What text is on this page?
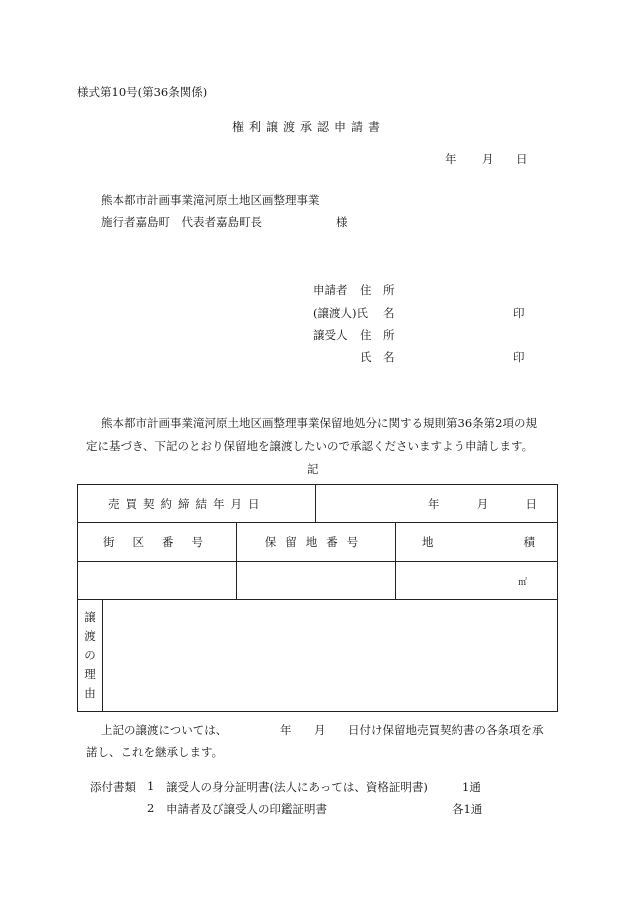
様式第10号(第36条関係)
権利譲渡承認申請書
年 月 日
熊本都市計画事業滝河原土地区画整理事業
施行者嘉島町　代表者嘉島町長	様
申請者 住　所
(譲渡人)氏 名	印
譲受人 住　所
氏　名	印
熊本都市計画事業滝河原土地区画整理事業保留地処分に関する規則第36条第2項の規
定に基づき、下記のとおり保留地を譲渡したいので承認くださいますよう申請します。
記
売買契約締結年月日			年 月 日	

街区番号		保留地番号		地 積

				㎡

譲
渡
の
理
由				

上記の譲渡については、	年 月 日付け保留地売買契約書の各条項を承
諾し、これを継承します。
添付書類 1 譲受人の身分証明書(法人にあっては、資格証明書)	1通
2 申請者及び譲受人の印鑑証明書	各1通
